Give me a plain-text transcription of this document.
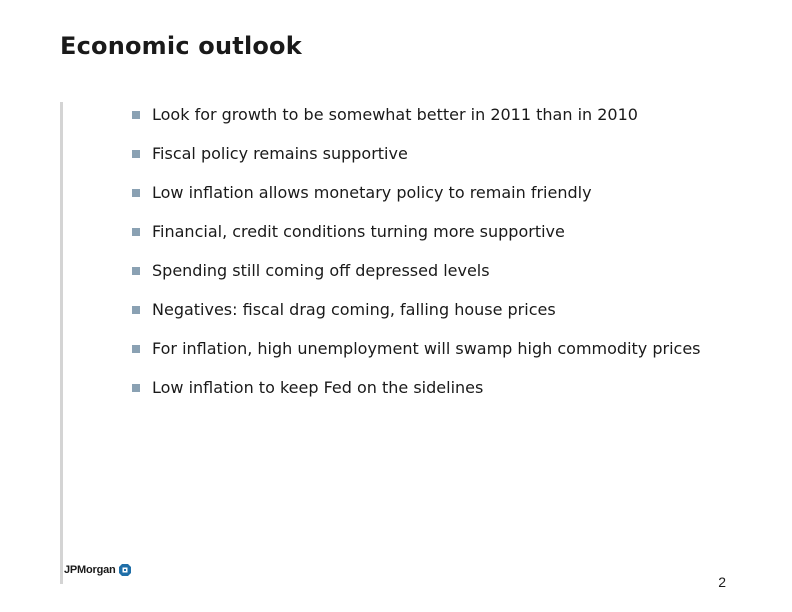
Economic outlook
Look for growth to be somewhat better in 2011 than in 2010
Fiscal policy remains supportive
Low inflation allows monetary policy to remain friendly
Financial, credit conditions turning more supportive
Spending still coming off depressed levels
Negatives: fiscal drag coming, falling house prices
For inflation, high unemployment will swamp high commodity prices
Low inflation to keep Fed on the sidelines
JPMorgan
2
